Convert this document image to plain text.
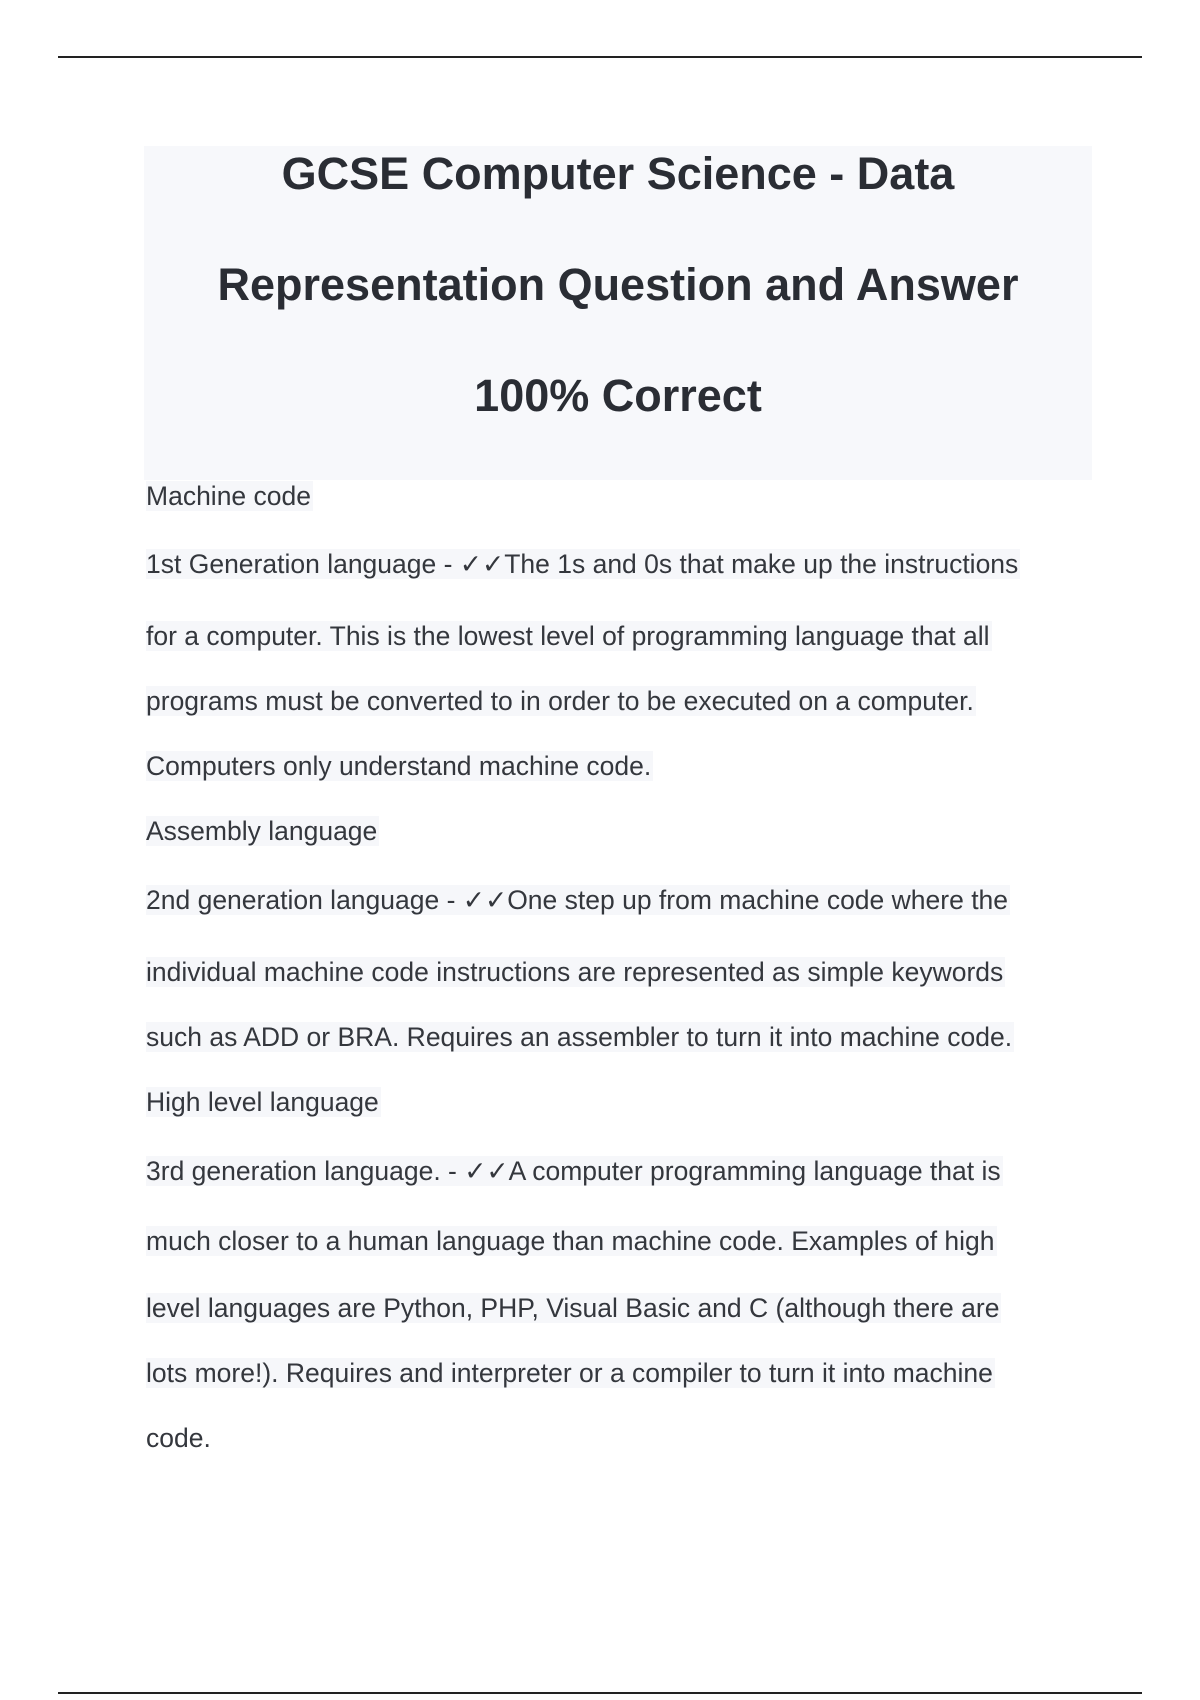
GCSE Computer Science - Data
Representation Question and Answer
100% Correct
Machine code
1st Generation language - ✓✓The 1s and 0s that make up the instructions
for a computer. This is the lowest level of programming language that all
programs must be converted to in order to be executed on a computer.
Computers only understand machine code.
Assembly language
2nd generation language - ✓✓One step up from machine code where the
individual machine code instructions are represented as simple keywords
such as ADD or BRA. Requires an assembler to turn it into machine code.
High level language
3rd generation language. - ✓✓A computer programming language that is
much closer to a human language than machine code. Examples of high
level languages are Python, PHP, Visual Basic and C (although there are
lots more!). Requires and interpreter or a compiler to turn it into machine
code.
